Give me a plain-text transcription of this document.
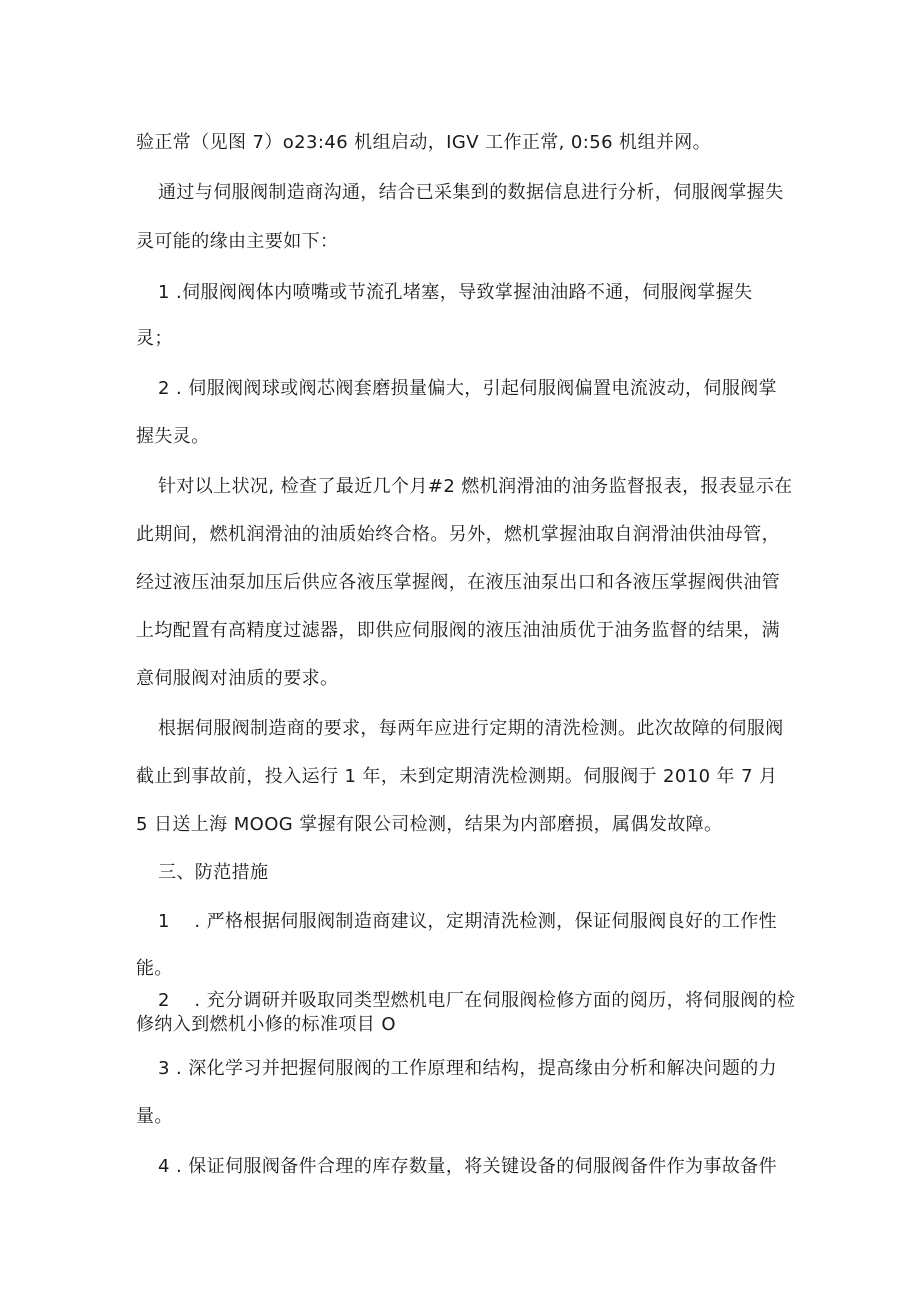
验正常（见图 7）o23:46 机组启动，IGV 工作正常, 0:56 机组并网。
通过与伺服阀制造商沟通，结合已采集到的数据信息进行分析，伺服阀掌握失
灵可能的缘由主要如下：
1 .伺服阀阀体内喷嘴或节流孔堵塞，导致掌握油油路不通，伺服阀掌握失
灵；
2 . 伺服阀阀球或阀芯阀套磨损量偏大，引起伺服阀偏置电流波动，伺服阀掌
握失灵。
针对以上状况, 检查了最近几个月#2 燃机润滑油的油务监督报表，报表显示在
此期间，燃机润滑油的油质始终合格。另外，燃机掌握油取自润滑油供油母管，
经过液压油泵加压后供应各液压掌握阀，在液压油泵出口和各液压掌握阀供油管
上均配置有高精度过滤器，即供应伺服阀的液压油油质优于油务监督的结果，满
意伺服阀对油质的要求。
根据伺服阀制造商的要求，每两年应进行定期的清洗检测。此次故障的伺服阀
截止到事故前，投入运行 1 年，未到定期清洗检测期。伺服阀于 2010 年 7 月
5 日送上海 MOOG 掌握有限公司检测，结果为内部磨损，属偶发故障。
三、防范措施
1　 . 严格根据伺服阀制造商建议，定期清洗检测，保证伺服阀良好的工作性
能。
2　 . 充分调研并吸取同类型燃机电厂在伺服阀检修方面的阅历，将伺服阀的检
修纳入到燃机小修的标准项目 O
3 . 深化学习并把握伺服阀的工作原理和结构，提高缘由分析和解决问题的力
量。
4 . 保证伺服阀备件合理的库存数量，将关键设备的伺服阀备件作为事故备件
